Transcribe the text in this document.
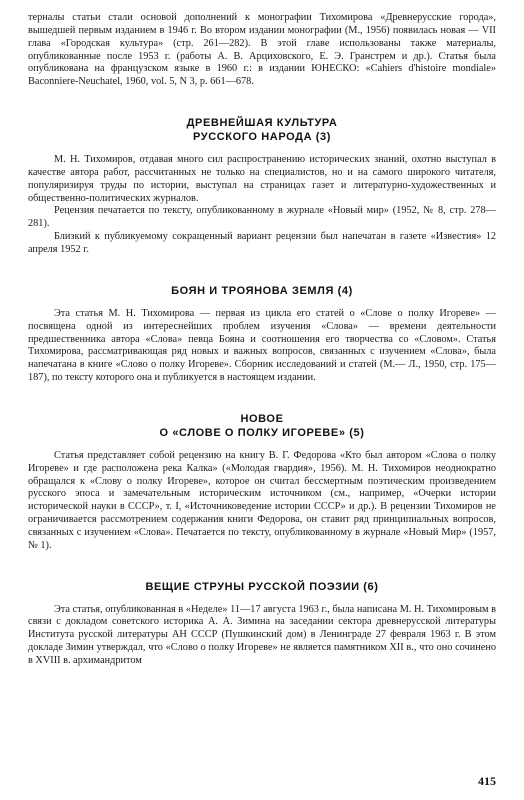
терналы статьи стали основой дополнений к монографии Тихомирова «Древнерусские города», вышедшей первым изданием в 1946 г. Во втором издании монографии (М., 1956) появилась новая — VII глава «Городская культура» (стр. 261—282). В этой главе использованы также материалы, опубликованные после 1953 г. (работы А. В. Арциховского, Е. Э. Гранстрем и др.). Статья была опубликована на французском языке в 1960 г.: в издании ЮНЕСКО: «Cahiers d'histoire mondiale» Baconniere-Neuchatel, 1960, vol. 5, N 3, p. 661—678.

ДРЕВНЕЙШАЯ КУЛЬТУРА
РУССКОГО НАРОДА (3)

М. Н. Тихомиров, отдавая много сил распространению исторических знаний, охотно выступал в качестве автора работ, рассчитанных не только на специалистов, но и на самого широкого читателя, популяризируя труды по истории, выступал на страницах газет и литературно-художественных и общественно-политических журналов.

Рецензия печатается по тексту, опубликованному в журнале «Новый мир» (1952, № 8, стр. 278—281).

Близкий к публикуемому сокращенный вариант рецензии был напечатан в газете «Известия» 12 апреля 1952 г.

БОЯН И ТРОЯНОВА ЗЕМЛЯ (4)

Эта статья М. Н. Тихомирова — первая из цикла его статей о «Слове о полку Игореве» — посвящена одной из интереснейших проблем изучения «Слова» — времени деятельности предшественника автора «Слова» певца Бояна и соотношения его творчества со «Словом». Статья Тихомирова, рассматривающая ряд новых и важных вопросов, связанных с изучением «Слова», была напечатана в книге «Слово о полку Игореве». Сборник исследований и статей (М.— Л., 1950, стр. 175—187), по тексту которого она и публикуется в настоящем издании.

НОВОЕ
О «СЛОВЕ О ПОЛКУ ИГОРЕВЕ» (5)

Статья представляет собой рецензию на книгу В. Г. Федорова «Кто был автором «Слова о полку Игореве» и где расположена река Калка» («Молодая гвардия», 1956). М. Н. Тихомиров неоднократно обращался к «Слову о полку Игореве», которое он считал бессмертным поэтическим произведением русского эпоса и замечательным историческим источником (см., например, «Очерки истории исторической науки в СССР», т. I, «Источниковедение истории СССР» и др.). В рецензии Тихомиров не ограничивается рассмотрением содержания книги Федорова, он ставит ряд принципиальных вопросов, связанных с изучением «Слова». Печатается по тексту, опубликованному в журнале «Новый Мир» (1957, № 1).

ВЕЩИЕ СТРУНЫ РУССКОЙ ПОЭЗИИ (6)

Эта статья, опубликованная в «Неделе» 11—17 августа 1963 г., была написана М. Н. Тихомировым в связи с докладом советского историка А. А. Зимина на заседании сектора древнерусской литературы Института русской литературы АН СССР (Пушкинский дом) в Ленинграде 27 февраля 1963 г. В этом докладе Зимин утверждал, что «Слово о полку Игореве» не является памятником XII в., что оно сочинено в XVIII в. архимандритом

415
